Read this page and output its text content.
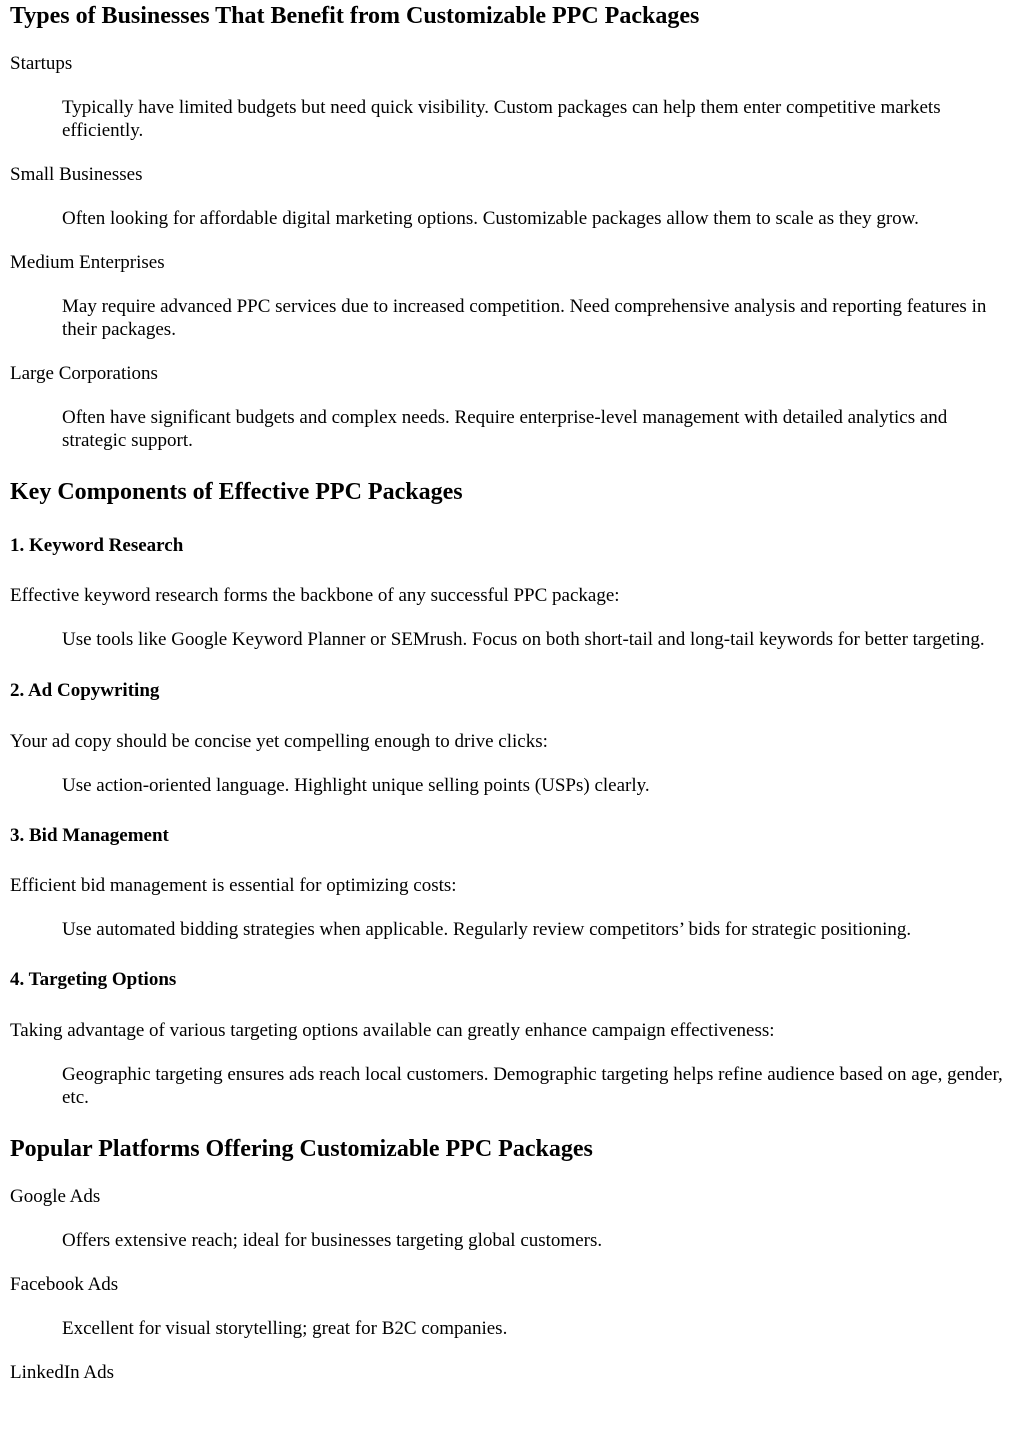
Types of Businesses That Benefit from Customizable PPC Packages
Startups
Typically have limited budgets but need quick visibility. Custom packages can help them enter competitive markets efficiently.
Small Businesses
Often looking for affordable digital marketing options. Customizable packages allow them to scale as they grow.
Medium Enterprises
May require advanced PPC services due to increased competition. Need comprehensive analysis and reporting features in their packages.
Large Corporations
Often have significant budgets and complex needs. Require enterprise-level management with detailed analytics and strategic support.
Key Components of Effective PPC Packages
1. Keyword Research

Effective keyword research forms the backbone of any successful PPC package:

Use tools like Google Keyword Planner or SEMrush. Focus on both short-tail and long-tail keywords for better targeting.

2. Ad Copywriting

Your ad copy should be concise yet compelling enough to drive clicks:

Use action-oriented language. Highlight unique selling points (USPs) clearly.

3. Bid Management

Efficient bid management is essential for optimizing costs:

Use automated bidding strategies when applicable. Regularly review competitors’ bids for strategic positioning.

4. Targeting Options

Taking advantage of various targeting options available can greatly enhance campaign effectiveness:

Geographic targeting ensures ads reach local customers. Demographic targeting helps refine audience based on age, gender, etc.

Popular Platforms Offering Customizable PPC Packages
Google Ads
Offers extensive reach; ideal for businesses targeting global customers.
Facebook Ads
Excellent for visual storytelling; great for B2C companies.
LinkedIn Ads
